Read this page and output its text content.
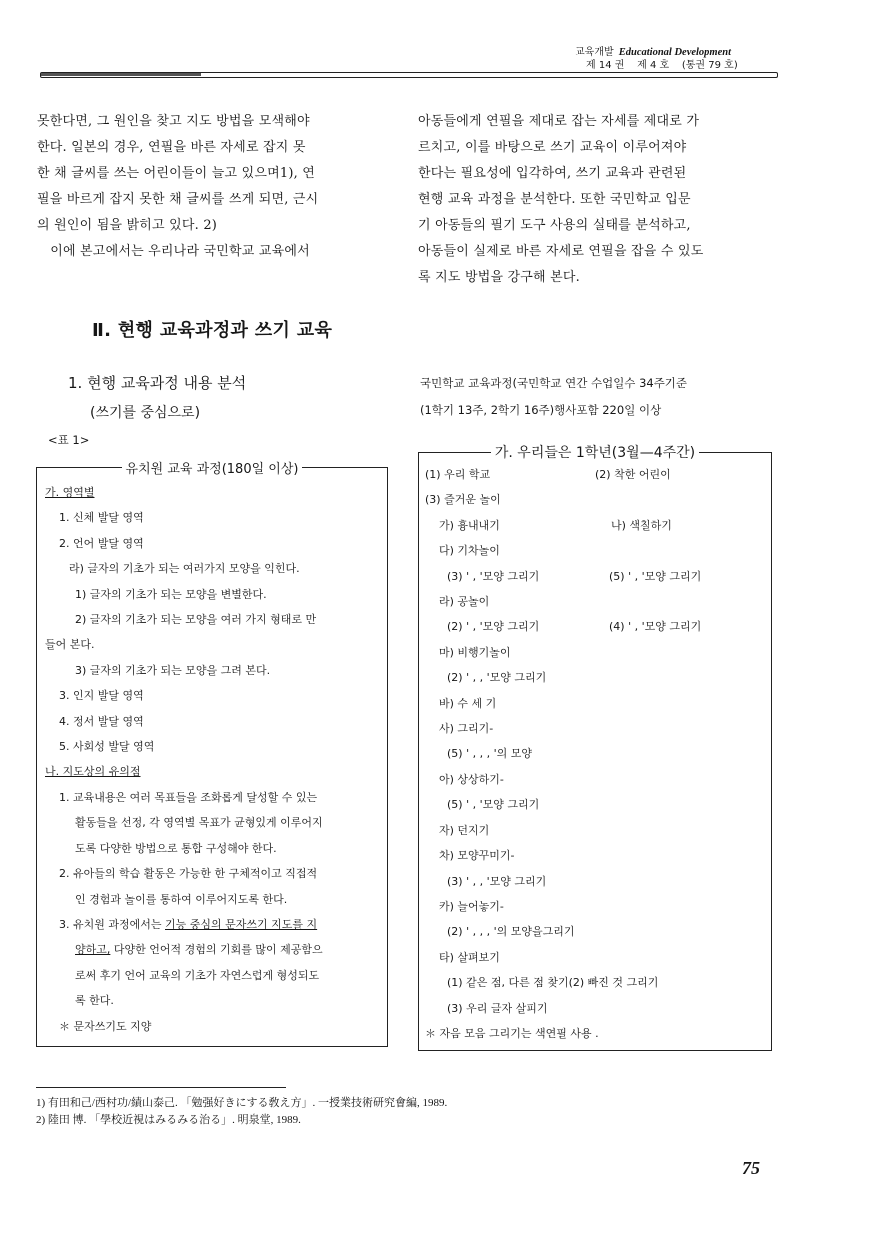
교육개발 Educational Development
제 14 권    제 4 호    (통권 79 호)

못한다면, 그 원인을 찾고 지도 방법을 모색해야

한다. 일본의 경우, 연필을 바른 자세로 잡지 못

한 채 글씨를 쓰는 어린이들이 늘고 있으며1), 연

필을 바르게 잡지 못한 채 글씨를 쓰게 되면, 근시

의 원인이 됨을 밝히고 있다. 2)

　이에 본고에서는 우리나라 국민학교 교육에서

아동들에게 연필을 제대로 잡는 자세를 제대로 가

르치고, 이를 바탕으로 쓰기 교육이 이루어져야

한다는 필요성에 입각하여, 쓰기 교육과 관련된

현행 교육 과정을 분석한다. 또한 국민학교 입문

기 아동들의 필기 도구 사용의 실태를 분석하고,

아동들이 실제로 바른 자세로 연필을 잡을 수 있도

록 지도 방법을 강구해 본다.

Ⅱ. 현행 교육과정과 쓰기 교육
1. 현행 교육과정 내용 분석
(쓰기를 중심으로)
<표 1>
국민학교 교육과정(국민학교 연간 수업일수 34주기준
(1학기 13주, 2학기 16주)행사포함 220일 이상
유치원 교육 과정(180일 이상)
가. 영역별
1. 신체 발달 영역
2. 언어 발달 영역
라) 글자의 기초가 되는 여러가지 모양을 익힌다.
1) 글자의 기초가 되는 모양을 변별한다.
2) 글자의 기초가 되는 모양을 여러 가지 형태로 만
들어 본다.
3) 글자의 기초가 되는 모양을 그려 본다.
3. 인지 발달 영역
4. 정서 발달 영역
5. 사회성 발달 영역
나. 지도상의 유의점
1. 교육내용은 여러 목표들을 조화롭게 달성할 수 있는
활동들을 선정, 각 영역별 목표가 균형있게 이루어지
도록 다양한 방법으로 통합 구성해야 한다.
2. 유아들의 학습 활동은 가능한 한 구체적이고 직접적
인 경험과 놀이를 통하여 이루어지도록 한다.
3. 유치원 과정에서는 기능 중심의 문자쓰기 지도를 지
양하고, 다양한 언어적 경험의 기회를 많이 제공함으
로써 후기 언어 교육의 기초가 자연스럽게 형성되도
록 한다.
＊ 문자쓰기도 지양
가. 우리들은 1학년(3월—4주간)
(1) 우리 학교	(2) 착한 어린이
(3) 즐거운 놀이
가) 흉내내기	나) 색칠하기
다) 기차놀이
(3) ' , '모양 그리기	(5) ' , '모양 그리기
라) 공놀이
(2) ' , '모양 그리기	(4) ' , '모양 그리기
마) 비행기놀이
(2) ' , , '모양 그리기
바) 수 세 기
사) 그리기-
(5) ' , , , '의 모양
아) 상상하기-
(5) ' , '모양 그리기
자) 던지기
차) 모양꾸미기-
(3) ' , , '모양 그리기
카) 늘어놓기-
(2) ' , , , '의 모양을그리기
타) 살펴보기
(1) 같은 점, 다른 점 찾기(2) 빠진 것 그리기
(3) 우리 글자 살피기
＊ 자음 모음 그리기는 색연필 사용 .
1) 有田和己/西村功/績山泰己. 「勉强好きにする敎え方」. 一授業技術研究會編, 1989.
2) 陸田 博. 「學校近視はみるみる治る」. 明泉堂, 1989.
75
